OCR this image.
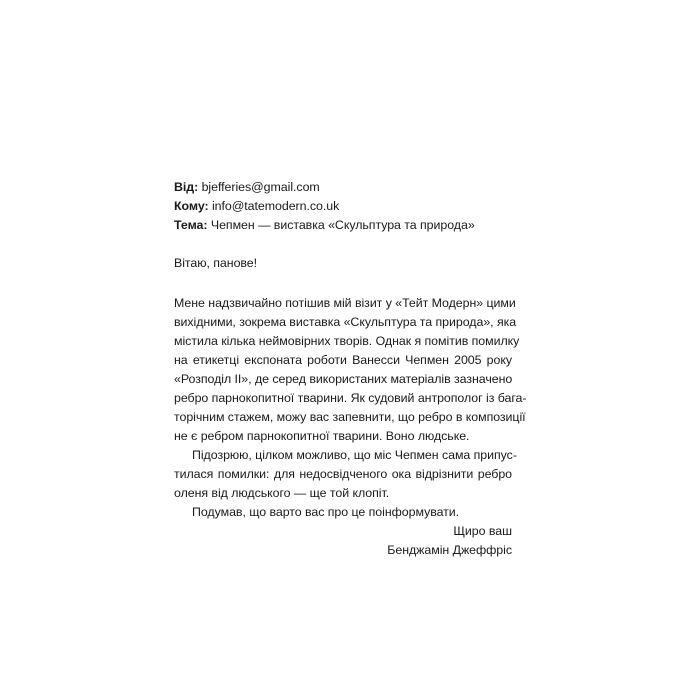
Від: bjefferies@gmail.com
Кому: info@tatemodern.co.uk
Тема: Чепмен — виставка «Скульптура та природа»
Вітаю, панове!
Мене надзвичайно потішив мій візит у «Тейт Модерн» цими
вихідними, зокрема виставка «Скульптура та природа», яка
містила кілька неймовірних творів. Однак я помітив помилку
на етикетці експоната роботи Ванесси Чепмен 2005 року
«Розподіл II», де серед використаних матеріалів зазначено
ребро парнокопитної тварини. Як судовий антрополог із бага-
торічним стажем, можу вас запевнити, що ребро в композиції
не є ребром парнокопитної тварини. Воно людське.
Підозрюю, цілком можливо, що міс Чепмен сама припус-
тилася помилки: для недосвідченого ока відрізнити ребро
оленя від людського — ще той клопіт.
Подумав, що варто вас про це поінформувати.
Щиро ваш
Бенджамін Джеффріс
